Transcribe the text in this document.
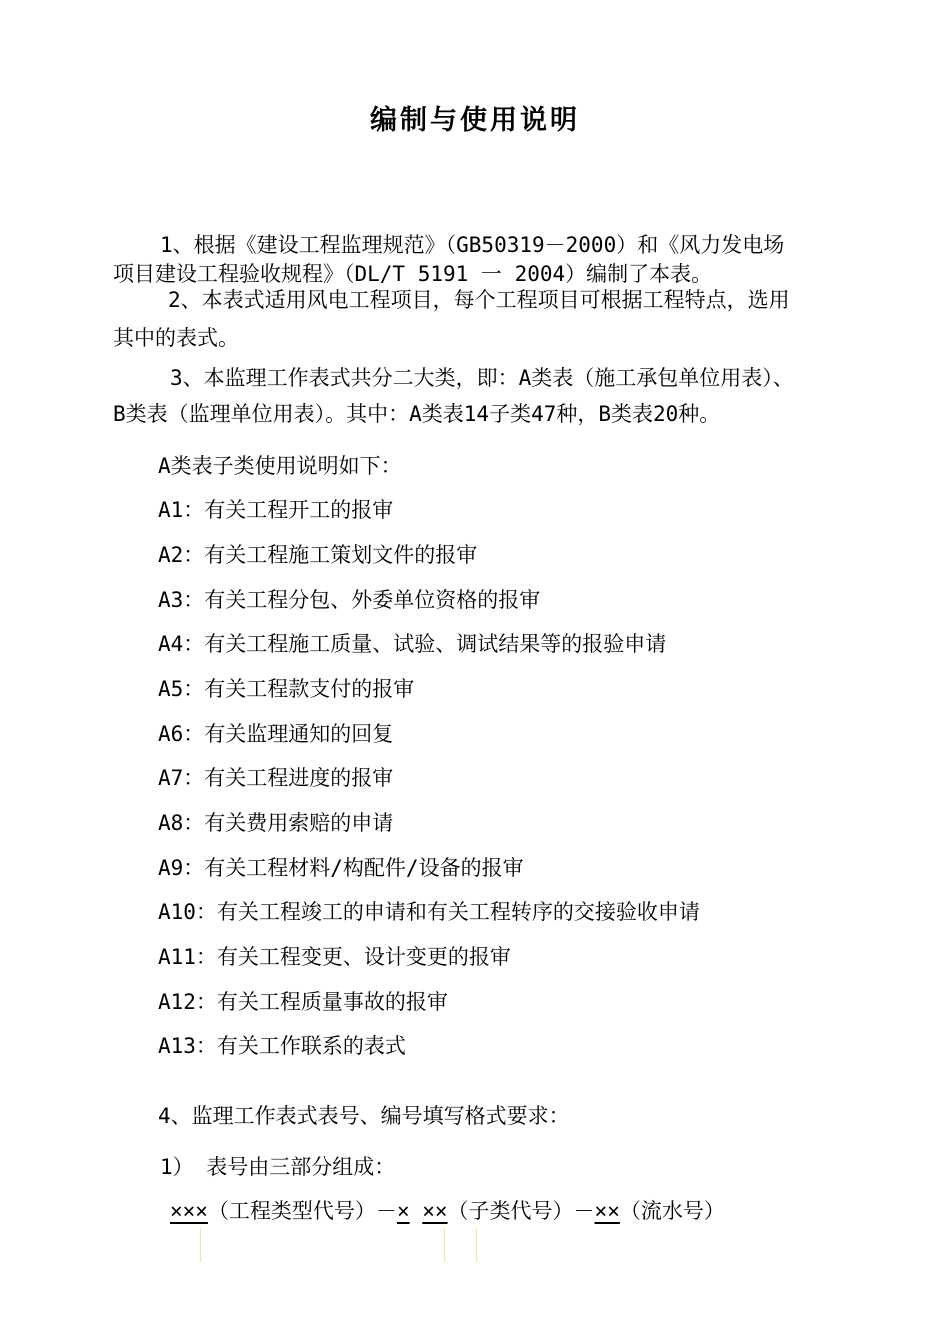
编制与使用说明
1、根据《建设工程监理规范》（GB50319－2000）和《风力发电场
项目建设工程验收规程》（DL/T 5191 一 2004）编制了本表。
2、本表式适用风电工程项目，每个工程项目可根据工程特点，选用
其中的表式。
3、本监理工作表式共分二大类，即：A类表（施工承包单位用表）、
B类表（监理单位用表）。其中：A类表14子类47种，B类表20种。
A类表子类使用说明如下：
A1：有关工程开工的报审
A2：有关工程施工策划文件的报审
A3：有关工程分包、外委单位资格的报审
A4：有关工程施工质量、试验、调试结果等的报验申请
A5：有关工程款支付的报审
A6：有关监理通知的回复
A7：有关工程进度的报审
A8：有关费用索赔的申请
A9：有关工程材料/构配件/设备的报审
A10：有关工程竣工的申请和有关工程转序的交接验收申请
A11：有关工程变更、设计变更的报审
A12：有关工程质量事故的报审
A13：有关工作联系的表式
4、监理工作表式表号、编号填写格式要求：
1） 表号由三部分组成：
×××（工程类型代号）－× ××（子类代号）－××（流水号）
